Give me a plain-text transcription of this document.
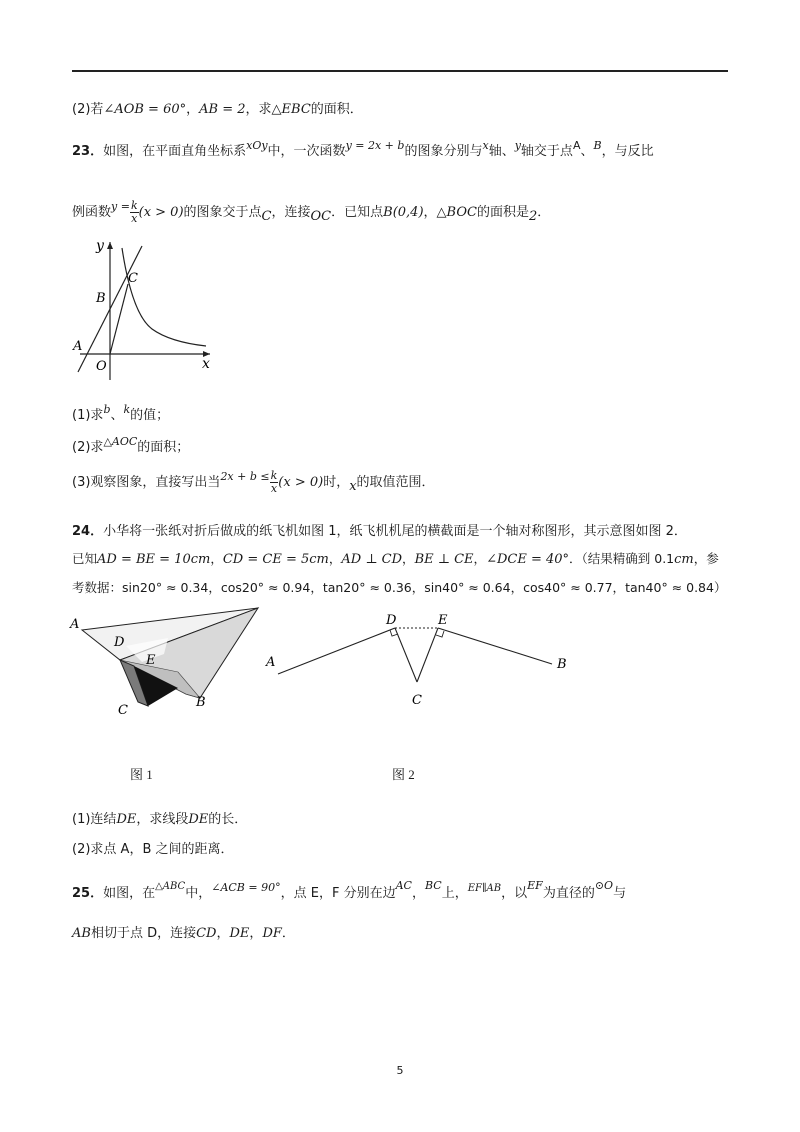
(2)若∠AOB = 60°，AB = 2，求△EBC的面积．
23．如图，在平面直角坐标系$^{xOy}$中，一次函数$^{y = 2x + b}$的图象分别与$^x$轴、$^y$轴交于点$^A$、$^B$，与反比
例函数$^{y =} \frac{k}{x} (x > 0)$的图象交于点C，连接OC．已知点B(0,4)，△BOC的面积是2．
y
x
O
A
B
C
(1)求$^b$、$^k$的值；
(2)求$^{\triangle AOC}$的面积；
(3)观察图象，直接写出当$^{2x + b \le} \frac{k}{x} (x > 0)$时，x的取值范围．
24．小华将一张纸对折后做成的纸飞机如图 1，纸飞机机尾的横截面是一个轴对称图形，其示意图如图 2．
已知AD = BE = 10cm，CD = CE = 5cm，AD ⊥ CD，BE ⊥ CE，∠DCE = 40°．（结果精确到 0.1cm，参
考数据：sin20° ≈ 0.34，cos20° ≈ 0.94，tan20° ≈ 0.36，sin40° ≈ 0.64，cos40° ≈ 0.77，tan40° ≈ 0.84）
A
D
E
C
B
A
D	E
C
B
图 1	图 2
(1)连结DE，求线段DE的长．
(2)求点 A，B 之间的距离．
25．如图，在$^{\triangle ABC}$中，$^{\angle ACB = 90^\circ}$，点 E，F 分别在边$^{AC}$，$^{BC}$上，$^{EF\parallel AB}$，以$^{EF}$为直径的$^{⊙O}$与
AB相切于点 D，连接CD，DE，DF．
5
